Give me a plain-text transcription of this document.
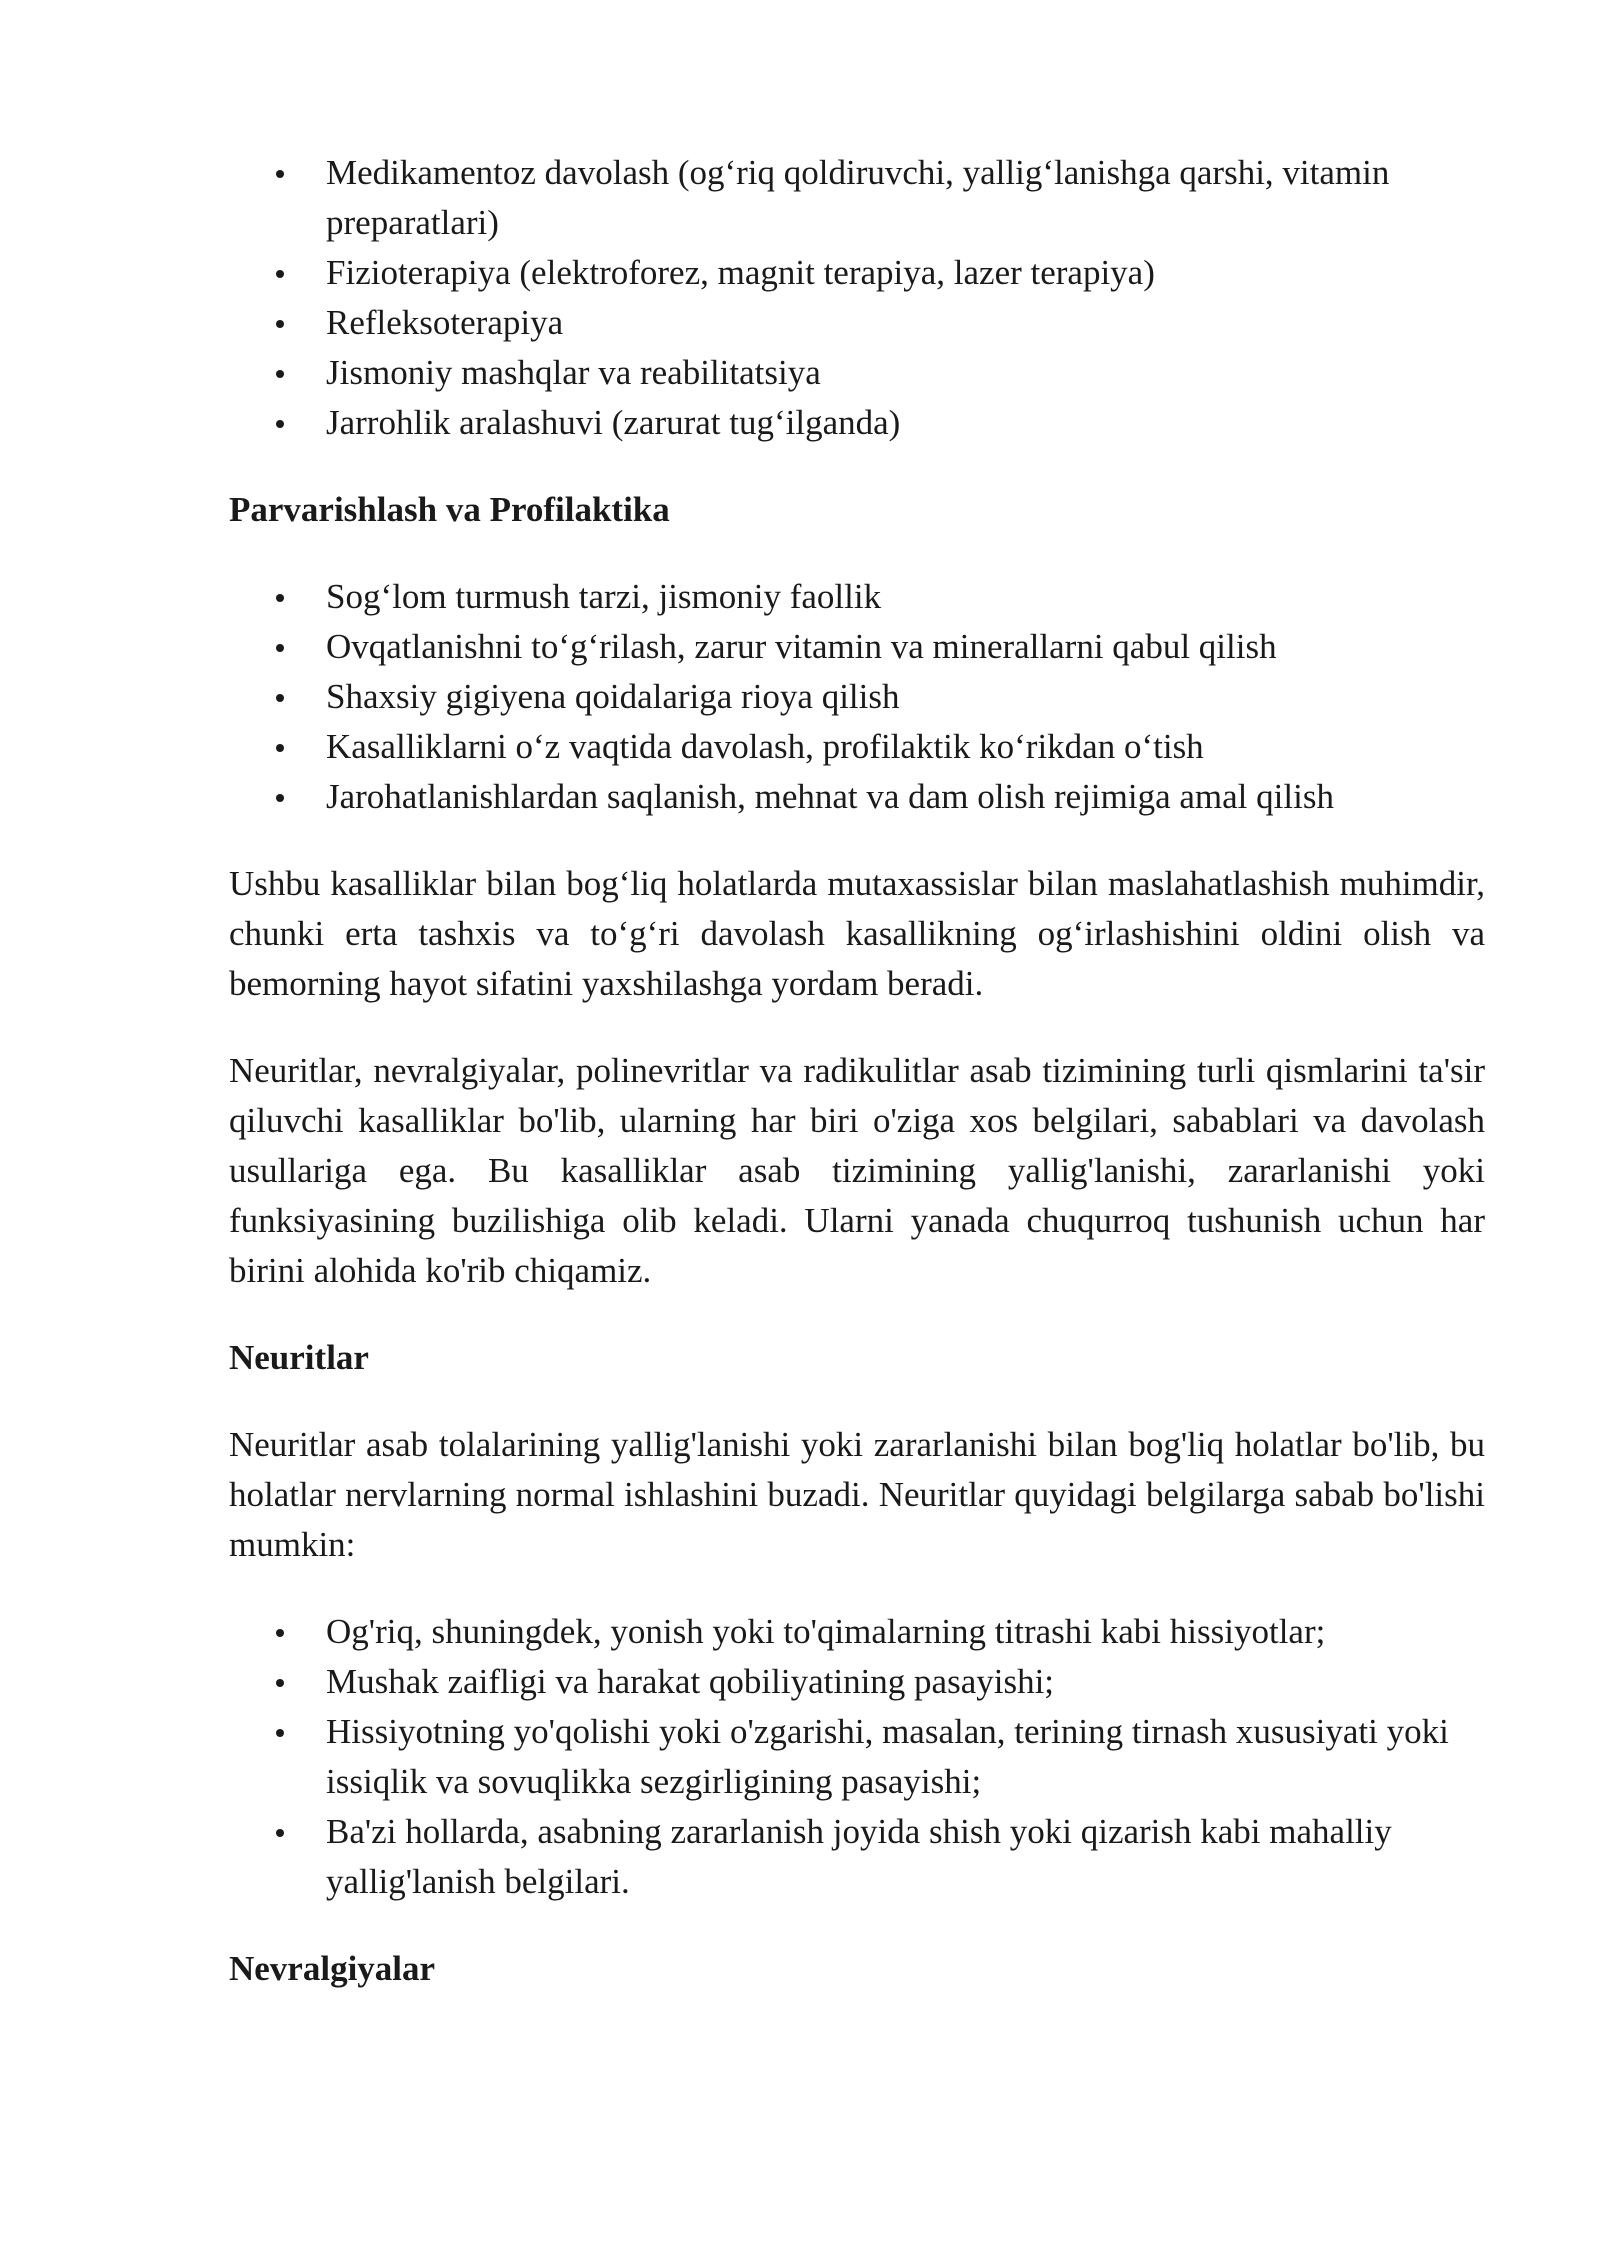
Medikamentoz davolash (og‘riq qoldiruvchi, yallig‘lanishga qarshi, vitamin preparatlari)
Fizioterapiya (elektroforez, magnit terapiya, lazer terapiya)
Refleksoterapiya
Jismoniy mashqlar va reabilitatsiya
Jarrohlik aralashuvi (zarurat tug‘ilganda)
Parvarishlash va Profilaktika
Sog‘lom turmush tarzi, jismoniy faollik
Ovqatlanishni to‘g‘rilash, zarur vitamin va minerallarni qabul qilish
Shaxsiy gigiyena qoidalariga rioya qilish
Kasalliklarni o‘z vaqtida davolash, profilaktik ko‘rikdan o‘tish
Jarohatlanishlardan saqlanish, mehnat va dam olish rejimiga amal qilish

Ushbu kasalliklar bilan bog‘liq holatlarda mutaxassislar bilan maslahatlashish muhimdir, chunki erta tashxis va to‘g‘ri davolash kasallikning og‘irlashishini oldini olish va bemorning hayot sifatini yaxshilashga yordam beradi.

Neuritlar, nevralgiyalar, polinevritlar va radikulitlar asab tizimining turli qismlarini ta'sir qiluvchi kasalliklar bo'lib, ularning har biri o'ziga xos belgilari, sabablari va davolash usullariga ega. Bu kasalliklar asab tizimining yallig'lanishi, zararlanishi yoki funksiyasining buzilishiga olib keladi. Ularni yanada chuqurroq tushunish uchun har birini alohida ko'rib chiqamiz.

Neuritlar

Neuritlar asab tolalarining yallig'lanishi yoki zararlanishi bilan bog'liq holatlar bo'lib, bu holatlar nervlarning normal ishlashini buzadi. Neuritlar quyidagi belgilarga sabab bo'lishi mumkin:

Og'riq, shuningdek, yonish yoki to'qimalarning titrashi kabi hissiyotlar;
Mushak zaifligi va harakat qobiliyatining pasayishi;
Hissiyotning yo'qolishi yoki o'zgarishi, masalan, terining tirnash xususiyati yoki issiqlik va sovuqlikka sezgirligining pasayishi;
Ba'zi hollarda, asabning zararlanish joyida shish yoki qizarish kabi mahalliy yallig'lanish belgilari.
Nevralgiyalar
